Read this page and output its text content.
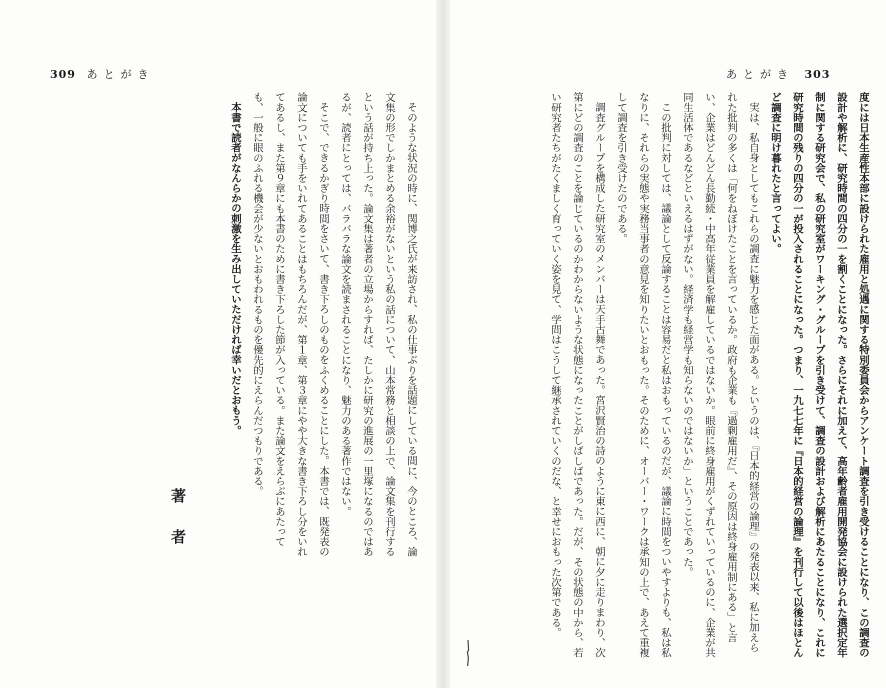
309 あとがき	あとがき 303

度には日本生産性本部に設けられた雇用と処遇に関する特別委員会からアンケート調査を引き受けることになり、この調査の設計や解析に、研究時間の四分の一を割くことになった。さらにそれに加えて、高年齢者雇用開発協会に設けられた選択定年制に関する研究会で、私の研究室がワーキング・グループを引き受けて、調査の設計および解析にあたることになり、これに研究時間の残りの四分の一が投入されることになった。つまり、一九七七年に『日本的経営の論理』を刊行して以後はほとんど調査に明け暮れたと言ってよい。

実は、私自身としてもこれらの調査に魅力を感じた面がある。というのは、『日本的経営の論理』の発表以来、私に加えられた批判の多くは「何をねぼけたことを言っているか。政府も企業も『過剰雇用だ』、その原因は終身雇用制にある」と言い、企業はどんどん長勤続・中高年従業員を解雇しているではないか。眼前に終身雇用がくずれていっているのに、企業が共同生活体であるなどといえるはずがない。経済学も経営学も知らないのではないか」ということであった。

この批判に対しては、議論として反論することは容易だと私はおもっているのだが、議論に時間をついやすよりも、私は私なりに、それらの実態や実務当事者の意見を知りたいとおもった。そのために、オーバー・ワークは承知の上で、あえて重複して調査を引き受けたのである。

調査グループを構成した研究室のメンバーは天手古舞であった。宮沢賢治の詩のように東に西に、朝に夕に走りまわり、次第にどの調査のことを論じているのかわからないような状態になったことがしばしばであった。だが、その状態の中から、若い研究者たちがたくましく育っていく姿を見て、学問はこうして継承されていくのだな、と幸せにおもった次第である。

そのような状況の時に、関博之氏が来訪され、私の仕事ぶりを話題にしている間に、今のところ、論文集の形でしかまとめる余裕がないという私の話について、山本常務と相談の上で、論文集を刊行するという話が持ち上った。論文集は著者の立場からすれば、たしかに研究の進展の一里塚になるのではあるが、読者にとっては、バラバラな論文を読まされることになり、魅力のある著作ではない。

そこで、できるかぎり時間をさいて、書き下ろしのものをふくめることにした。本書では、既発表の論文についても手をいれてあることはもちろんだが、第１章、第３章にやや大きな書き下ろし分をいれてあるし、また第９章にも本書のために書き下ろした節が入っている。また論文をえらぶにあたっても、一般に眼のふれる機会が少ないとおもわれるものを優先的にえらんだつもりである。

本書で読者がなんらかの刺激を生み出していただければ幸いだとおもう。

著者
